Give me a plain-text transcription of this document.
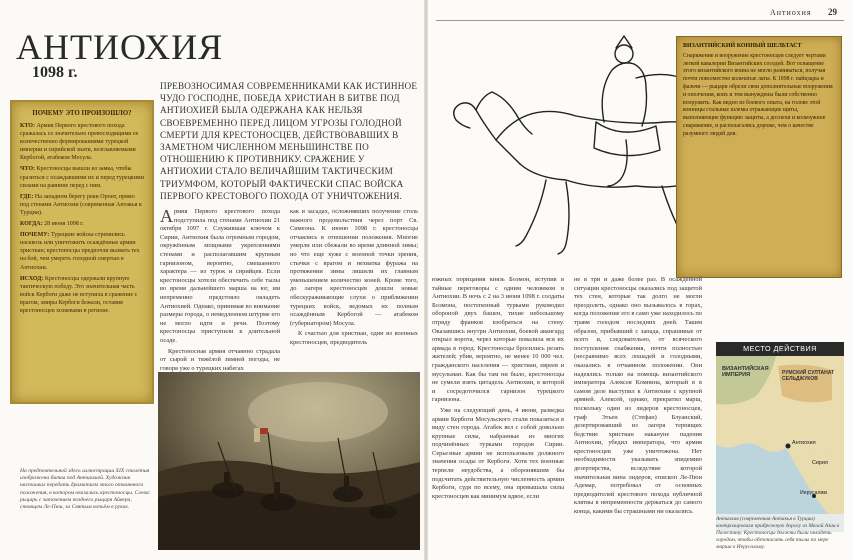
АНТИОХИЯ
1098 г.
ПОЧЕМУ ЭТО ПРОИЗОШЛО?

КТО: Армия Первого крестового похода сражалась со значительно превосходящими ее количественно формированиями турецкой империи и сирийской знати, возглавляемыми Кербогой, атабеком Мосула.

ЧТО: Крестоносцы вышли из замка, чтобы сразиться с осаждавшими их и перед турецкими силами на равнине перед с ним.

ГДЕ: На западном берегу реки Оронт, прямо под стенами Антиохии (современная Антакья в Турции).

КОГДА: 28 июня 1098 г.

ПОЧЕМУ: Турецкие войска стремились насквозь или уничтожить осаждённые армии христиан; крестоносцы предпочли вызвать тех на бой, чем умереть голодной смертью в Антиохии.

ИСХОД: Крестоносцы одержали крупную тактическую победу. Это значительная часть войск Кербоги даже не вступила в сражение с врагом, эмиры Кербоги бежали, оставив крестоносцев хозяевами в регионе.

ПРЕВОЗНОСИМАЯ СОВРЕМЕННИКАМИ КАК ИСТИННОЕ ЧУДО ГОСПОДНЕ, ПОБЕДА ХРИСТИАН В БИТВЕ ПОД АНТИОХИЕЙ БЫЛА ОДЕРЖАНА КАК НЕЛЬЗЯ СВОЕВРЕМЕННО ПЕРЕД ЛИЦОМ УГРОЗЫ ГОЛОДНОЙ СМЕРТИ ДЛЯ КРЕСТОНОСЦЕВ, ДЕЙСТВОВАВШИХ В ЗАМЕТНОМ ЧИСЛЕННОМ МЕНЬШИНСТВЕ ПО ОТНОШЕНИЮ К ПРОТИВНИКУ. СРАЖЕНИЕ У АНТИОХИИ СТАЛО ВЕЛИЧАЙШИМ ТАКТИЧЕСКИМ ТРИУМФОМ, КОТОРЫЙ ФАКТИЧЕСКИ СПАС ВОЙСКА ПЕРВОГО КРЕСТОВОГО ПОХОДА ОТ УНИЧТОЖЕНИЯ.
Армия Первого крестового похода подступила под стенами Антиохии 21 октября 1097 г. Служившая ключом к Сирии, Антиохия была огромным городом, окружённым мощными укреплениями стенами и располагавшим крупным гарнизоном, вероятно, смешанного характера — из турок и сирийцев. Если крестоносцы хотели обеспечить себе тылы во время дальнейшего марша на юг, им непременно предстояло овладеть Антиохией. Однако, принимая во внимание размеры города, о немедленном штурме его не могло идти и речи. Поэтому крестоносцы приступили к длительной осаде.
Крестоносная армия отчаянно страдала от сырой и тяжёлой зимней погоды, не говоря уже о турецких набегах
как и засадах, осложнявших получение столь важного продовольствия через порт Св. Симеона. К июню 1098 г. крестоносцы отчаялись в отношении положения. Многие умерли или сбежали во время длинной зимы; но что еще хуже с военной точки зрения, стычки с врагом и нехватка фуража на протяжении зимы лишили их главным уменьшением количество коней. Кроме того, до лагеря крестоносцев дошли новые обескураживающие слухи о приближении турецких войск, ведомых их полным осаждённым Кербогой — атабеком (губернатором) Мосула.
К счастью для христиан, один из военных крестоносцев, предводитель
На предпочтельной здесь иллюстрации XIX столетия изображена битва под Антиохией. Художник настаивал передать драматизм этого отчаянного положения, в котором оказались крестоносцы. Слева: рыцарь с заточением позднего рыцаря Айвера, стоящем Ле-Пюи, за Святым копьём в руках.
Антиохия 29
ВИЗАНТИЙСКИЙ КОННЫЙ ШЕЛЬТАСТ
Снаряжение и вооружение крестоносцев следует чертами легкой кавалерии Византийских соседей. Вот оснащение этого византийского воина не могло развиваться, получая почти повсеместно кольчатые латы. К 1098 г. пайцзары и фальчи — рыцари обрели свои дополнительные вооружения и ополчения, коих и тем вынуждены были собственно вооружить. Как видно из боевого опыта, на голове этой конницы стальные шлемы отражающие щиты, выполняющие функцию защиты, а доспехи и кольчужное снаряжение, и располагались дороже, чем о качестве разумного людей дня.
южных порицания князь Боэмон, вступив в тайные переговоры с одним человеком в Антиохии. В ночь с 2 на 3 июня 1098 г. солдаты Боэмона, постепенный турками руководил обороной двух башен, тихие небольшому отряду франков взобраться на стену. Оказавшись внутри Антиохии, боевой авангард открыл ворота, через которые повалила вся их армада в город. Крестоносцы бросились резать жителей; убив, вероятно, не менее 10 000 чел. гражданского населения — христиан, евреев и мусульман. Как бы там ни было, крестоносцы не сумели взять цитадель Антиохии, в которой и сосредоточился гарнизон турецкого гарнизона.
Уже на следующий день, 4 июня, разведка армии Кербоги Мосульского стали показаться в виду стен города. Атабек вел с собой довольно крупные силы, набранные из многих подчинённых турками городов Сирии. Серьезные армии не использовали должного значения осады от Кербоги. Хотя тех военные терпели неудобства, а оборонявшим бы подсчитать действительную численность армии Кербоги, судя по всему, она превышала силы крестоносцев как минимум вдвое, если
не в три и даже более раз. В осажденной ситуации крестоносцы оказались под защитой тех стен, которые так долго не могли преодолеть, однако оно вызывалось в горах, когда положение его в само уже находилось по травм голодом последних дней. Таким образом, прибывший с запада, спрашивые от всего и, следовательно, от всяческого поступления снабжения, почти полностью (несравнимо всех лошадей и голодными, оказались в отчаянном положении. Они надеялись только на помощь византийского императора Алексея Комнина, который в в самом деле выступил к Антиохии с крупной армией. Алексей, однако, прекратил марш, поскольку один из лидеров крестоносцев, граф Этьен (Стефан) Блуанский, дезертировавший из лагеря терпящих бедствие христиан накануне падения Антиохии, убедил императора, что армия крестоносцев уже уничтожена. Нет необходимости указывать эпидемию дезертирства, вследствие которой значительная вина лидеров, епископ Ле-Пюи Адемар, потребовал от основных предводителей крестового похода публичной клятвы в непременности держаться до самого конца, какими бы страшными ни оказались.
МЕСТО ДЕЙСТВИЯ
ВИЗАНТИЙСКАЯ ИМПЕРИЯ	РУМСКИЙ СУЛТАНАТ СЕЛЬДЖУКОВ
Антиохия
Сирия
Иерусалим
Антиохия (современная Антакья в Турции) контролировала прибрежную дорогу из Малой Азии в Палестину. Крестоносцы должны были овладеть городом, чтобы обезопасить себя тылы по мере марша к Иерусалиму.
